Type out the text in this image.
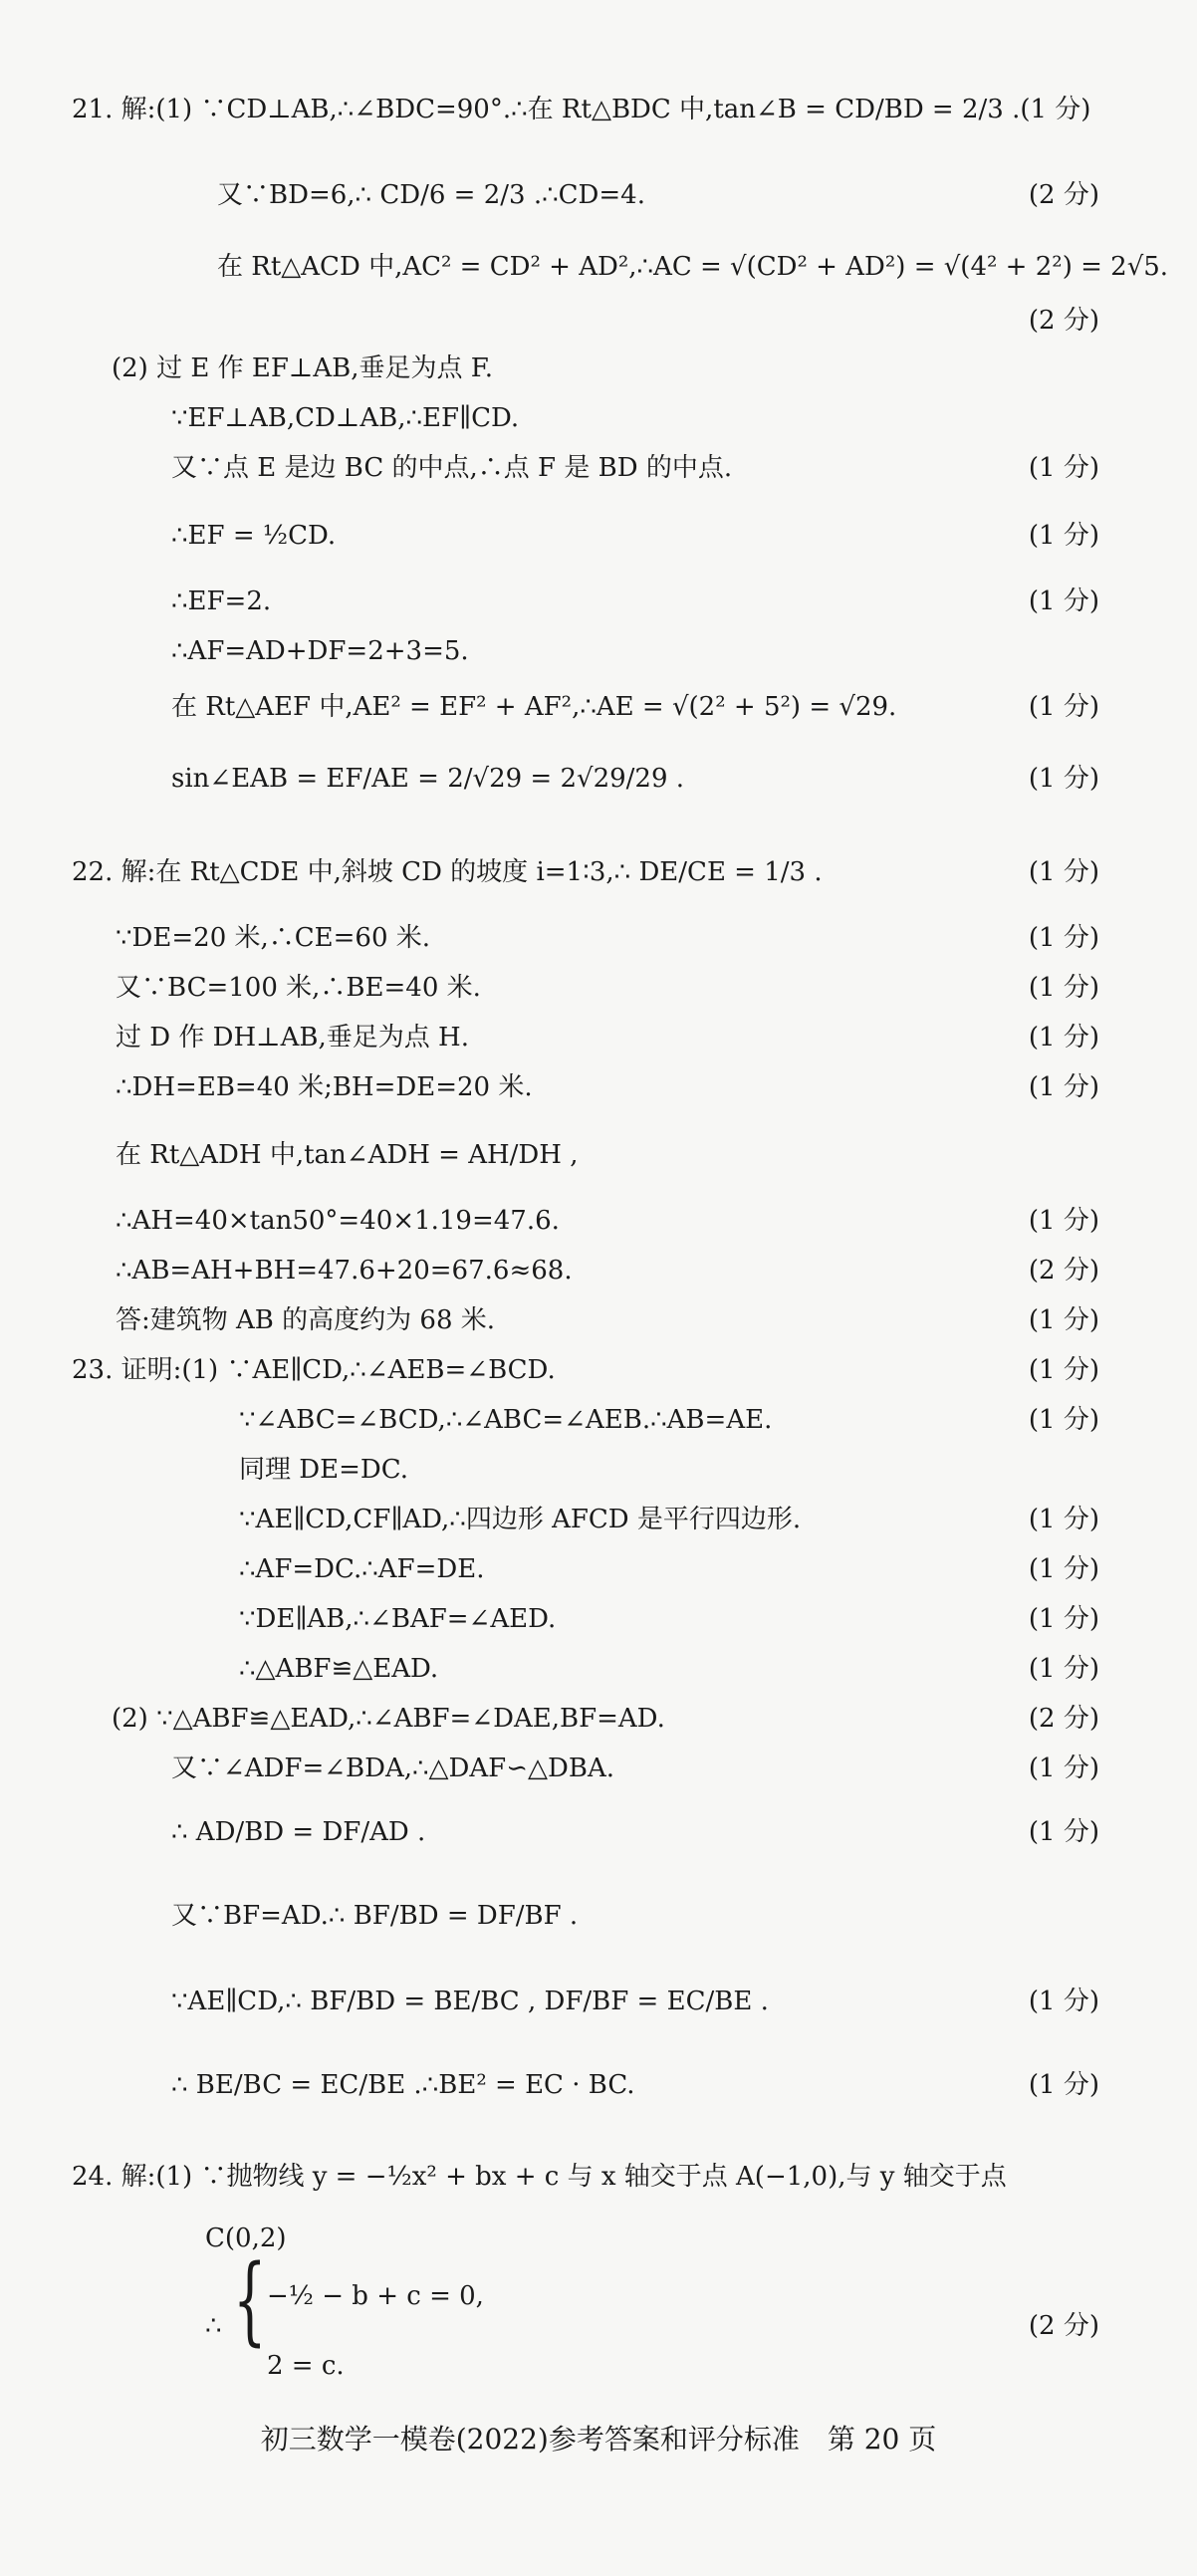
21. 解:(1) ∵CD⊥AB,∴∠BDC=90°.∴在 Rt△BDC 中,tan∠B = CD/BD = 2/3 .(1 分)
又∵BD=6,∴ CD/6 = 2/3 .∴CD=4.	(2 分)
在 Rt△ACD 中,AC² = CD² + AD²,∴AC = √(CD² + AD²) = √(4² + 2²) = 2√5.
(2 分)
(2) 过 E 作 EF⊥AB,垂足为点 F.
∵EF⊥AB,CD⊥AB,∴EF∥CD.
又∵点 E 是边 BC 的中点,∴点 F 是 BD 的中点.	(1 分)
∴EF = ½CD.	(1 分)
∴EF=2.	(1 分)
∴AF=AD+DF=2+3=5.
在 Rt△AEF 中,AE² = EF² + AF²,∴AE = √(2² + 5²) = √29.	(1 分)
sin∠EAB = EF/AE = 2/√29 = 2√29/29 .	(1 分)
22. 解:在 Rt△CDE 中,斜坡 CD 的坡度 i=1∶3,∴ DE/CE = 1/3 .	(1 分)
∵DE=20 米,∴CE=60 米.	(1 分)
又∵BC=100 米,∴BE=40 米.	(1 分)
过 D 作 DH⊥AB,垂足为点 H.	(1 分)
∴DH=EB=40 米;BH=DE=20 米.	(1 分)
在 Rt△ADH 中,tan∠ADH = AH/DH ,
∴AH=40×tan50°=40×1.19=47.6.	(1 分)
∴AB=AH+BH=47.6+20=67.6≈68.	(2 分)
答:建筑物 AB 的高度约为 68 米.	(1 分)
23. 证明:(1) ∵AE∥CD,∴∠AEB=∠BCD.	(1 分)
∵∠ABC=∠BCD,∴∠ABC=∠AEB.∴AB=AE.	(1 分)
同理 DE=DC.
∵AE∥CD,CF∥AD,∴四边形 AFCD 是平行四边形.	(1 分)
∴AF=DC.∴AF=DE.	(1 分)
∵DE∥AB,∴∠BAF=∠AED.	(1 分)
∴△ABF≌△EAD.	(1 分)
(2) ∵△ABF≌△EAD,∴∠ABF=∠DAE,BF=AD.	(2 分)
又∵∠ADF=∠BDA,∴△DAF∽△DBA.	(1 分)
∴ AD/BD = DF/AD .	(1 分)
又∵BF=AD.∴ BF/BD = DF/BF .
∵AE∥CD,∴ BF/BD = BE/BC , DF/BF = EC/BE .	(1 分)
∴ BE/BC = EC/BE .∴BE² = EC · BC.	(1 分)
24. 解:(1) ∵抛物线 y = −½x² + bx + c 与 x 轴交于点 A(−1,0),与 y 轴交于点
C(0,2)
∴ { −½ − b + c = 0,
2 = c.
(2 分)
初三数学一模卷(2022)参考答案和评分标准　第 20 页
